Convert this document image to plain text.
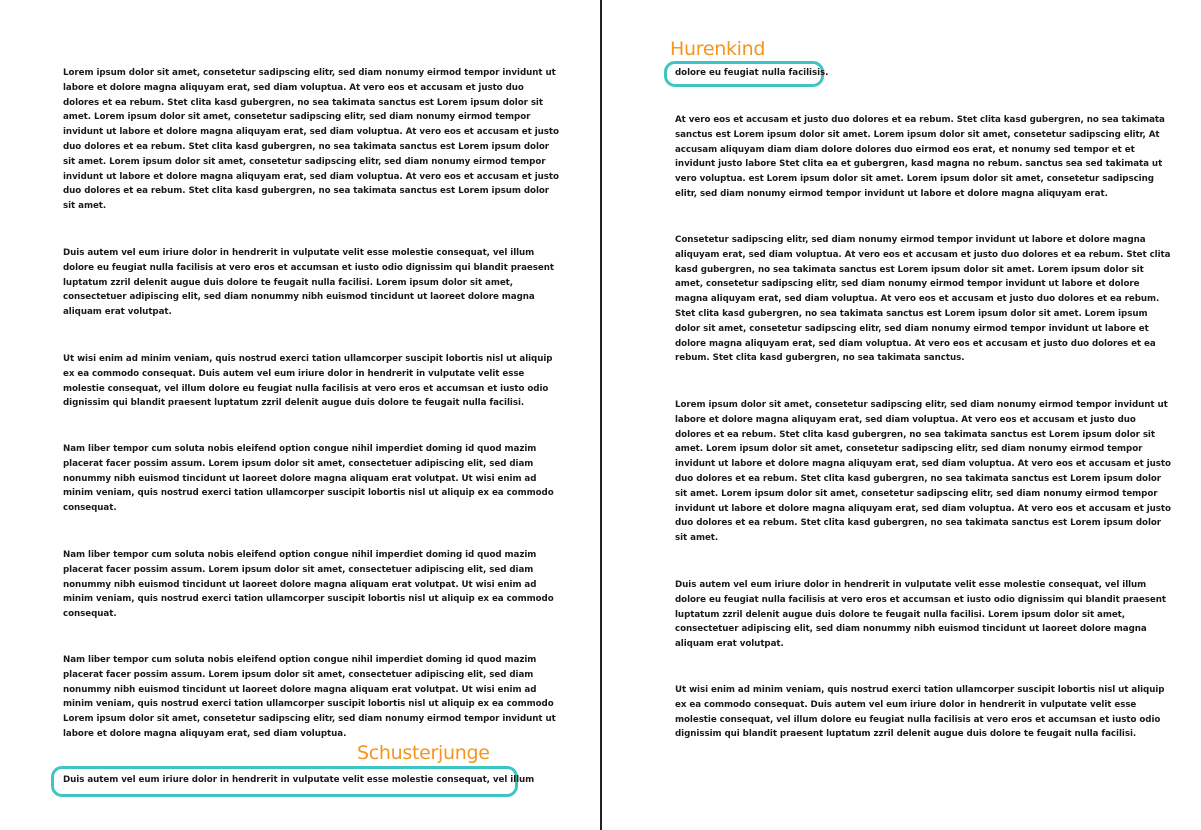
Lorem ipsum dolor sit amet, consetetur sadipscing elitr, sed diam nonumy eirmod tempor invidunt ut
labore et dolore magna aliquyam erat, sed diam voluptua. At vero eos et accusam et justo duo
dolores et ea rebum. Stet clita kasd gubergren, no sea takimata sanctus est Lorem ipsum dolor sit
amet. Lorem ipsum dolor sit amet, consetetur sadipscing elitr, sed diam nonumy eirmod tempor
invidunt ut labore et dolore magna aliquyam erat, sed diam voluptua. At vero eos et accusam et justo
duo dolores et ea rebum. Stet clita kasd gubergren, no sea takimata sanctus est Lorem ipsum dolor
sit amet. Lorem ipsum dolor sit amet, consetetur sadipscing elitr, sed diam nonumy eirmod tempor
invidunt ut labore et dolore magna aliquyam erat, sed diam voluptua. At vero eos et accusam et justo
duo dolores et ea rebum. Stet clita kasd gubergren, no sea takimata sanctus est Lorem ipsum dolor
sit amet.
Duis autem vel eum iriure dolor in hendrerit in vulputate velit esse molestie consequat, vel illum
dolore eu feugiat nulla facilisis at vero eros et accumsan et iusto odio dignissim qui blandit praesent
luptatum zzril delenit augue duis dolore te feugait nulla facilisi. Lorem ipsum dolor sit amet,
consectetuer adipiscing elit, sed diam nonummy nibh euismod tincidunt ut laoreet dolore magna
aliquam erat volutpat.
Ut wisi enim ad minim veniam, quis nostrud exerci tation ullamcorper suscipit lobortis nisl ut aliquip
ex ea commodo consequat. Duis autem vel eum iriure dolor in hendrerit in vulputate velit esse
molestie consequat, vel illum dolore eu feugiat nulla facilisis at vero eros et accumsan et iusto odio
dignissim qui blandit praesent luptatum zzril delenit augue duis dolore te feugait nulla facilisi.
Nam liber tempor cum soluta nobis eleifend option congue nihil imperdiet doming id quod mazim
placerat facer possim assum. Lorem ipsum dolor sit amet, consectetuer adipiscing elit, sed diam
nonummy nibh euismod tincidunt ut laoreet dolore magna aliquam erat volutpat. Ut wisi enim ad
minim veniam, quis nostrud exerci tation ullamcorper suscipit lobortis nisl ut aliquip ex ea commodo
consequat.
Nam liber tempor cum soluta nobis eleifend option congue nihil imperdiet doming id quod mazim
placerat facer possim assum. Lorem ipsum dolor sit amet, consectetuer adipiscing elit, sed diam
nonummy nibh euismod tincidunt ut laoreet dolore magna aliquam erat volutpat. Ut wisi enim ad
minim veniam, quis nostrud exerci tation ullamcorper suscipit lobortis nisl ut aliquip ex ea commodo
consequat.
Nam liber tempor cum soluta nobis eleifend option congue nihil imperdiet doming id quod mazim
placerat facer possim assum. Lorem ipsum dolor sit amet, consectetuer adipiscing elit, sed diam
nonummy nibh euismod tincidunt ut laoreet dolore magna aliquam erat volutpat. Ut wisi enim ad
minim veniam, quis nostrud exerci tation ullamcorper suscipit lobortis nisl ut aliquip ex ea commodo
Lorem ipsum dolor sit amet, consetetur sadipscing elitr, sed diam nonumy eirmod tempor invidunt ut
labore et dolore magna aliquyam erat, sed diam voluptua.
Schusterjunge
Duis autem vel eum iriure dolor in hendrerit in vulputate velit esse molestie consequat, vel illum
Hurenkind
dolore eu feugiat nulla facilisis.
At vero eos et accusam et justo duo dolores et ea rebum. Stet clita kasd gubergren, no sea takimata
sanctus est Lorem ipsum dolor sit amet. Lorem ipsum dolor sit amet, consetetur sadipscing elitr, At
accusam aliquyam diam diam dolore dolores duo eirmod eos erat, et nonumy sed tempor et et
invidunt justo labore Stet clita ea et gubergren, kasd magna no rebum. sanctus sea sed takimata ut
vero voluptua. est Lorem ipsum dolor sit amet. Lorem ipsum dolor sit amet, consetetur sadipscing
elitr, sed diam nonumy eirmod tempor invidunt ut labore et dolore magna aliquyam erat.
Consetetur sadipscing elitr, sed diam nonumy eirmod tempor invidunt ut labore et dolore magna
aliquyam erat, sed diam voluptua. At vero eos et accusam et justo duo dolores et ea rebum. Stet clita
kasd gubergren, no sea takimata sanctus est Lorem ipsum dolor sit amet. Lorem ipsum dolor sit
amet, consetetur sadipscing elitr, sed diam nonumy eirmod tempor invidunt ut labore et dolore
magna aliquyam erat, sed diam voluptua. At vero eos et accusam et justo duo dolores et ea rebum.
Stet clita kasd gubergren, no sea takimata sanctus est Lorem ipsum dolor sit amet. Lorem ipsum
dolor sit amet, consetetur sadipscing elitr, sed diam nonumy eirmod tempor invidunt ut labore et
dolore magna aliquyam erat, sed diam voluptua. At vero eos et accusam et justo duo dolores et ea
rebum. Stet clita kasd gubergren, no sea takimata sanctus.
Lorem ipsum dolor sit amet, consetetur sadipscing elitr, sed diam nonumy eirmod tempor invidunt ut
labore et dolore magna aliquyam erat, sed diam voluptua. At vero eos et accusam et justo duo
dolores et ea rebum. Stet clita kasd gubergren, no sea takimata sanctus est Lorem ipsum dolor sit
amet. Lorem ipsum dolor sit amet, consetetur sadipscing elitr, sed diam nonumy eirmod tempor
invidunt ut labore et dolore magna aliquyam erat, sed diam voluptua. At vero eos et accusam et justo
duo dolores et ea rebum. Stet clita kasd gubergren, no sea takimata sanctus est Lorem ipsum dolor
sit amet. Lorem ipsum dolor sit amet, consetetur sadipscing elitr, sed diam nonumy eirmod tempor
invidunt ut labore et dolore magna aliquyam erat, sed diam voluptua. At vero eos et accusam et justo
duo dolores et ea rebum. Stet clita kasd gubergren, no sea takimata sanctus est Lorem ipsum dolor
sit amet.
Duis autem vel eum iriure dolor in hendrerit in vulputate velit esse molestie consequat, vel illum
dolore eu feugiat nulla facilisis at vero eros et accumsan et iusto odio dignissim qui blandit praesent
luptatum zzril delenit augue duis dolore te feugait nulla facilisi. Lorem ipsum dolor sit amet,
consectetuer adipiscing elit, sed diam nonummy nibh euismod tincidunt ut laoreet dolore magna
aliquam erat volutpat.
Ut wisi enim ad minim veniam, quis nostrud exerci tation ullamcorper suscipit lobortis nisl ut aliquip
ex ea commodo consequat. Duis autem vel eum iriure dolor in hendrerit in vulputate velit esse
molestie consequat, vel illum dolore eu feugiat nulla facilisis at vero eros et accumsan et iusto odio
dignissim qui blandit praesent luptatum zzril delenit augue duis dolore te feugait nulla facilisi.
